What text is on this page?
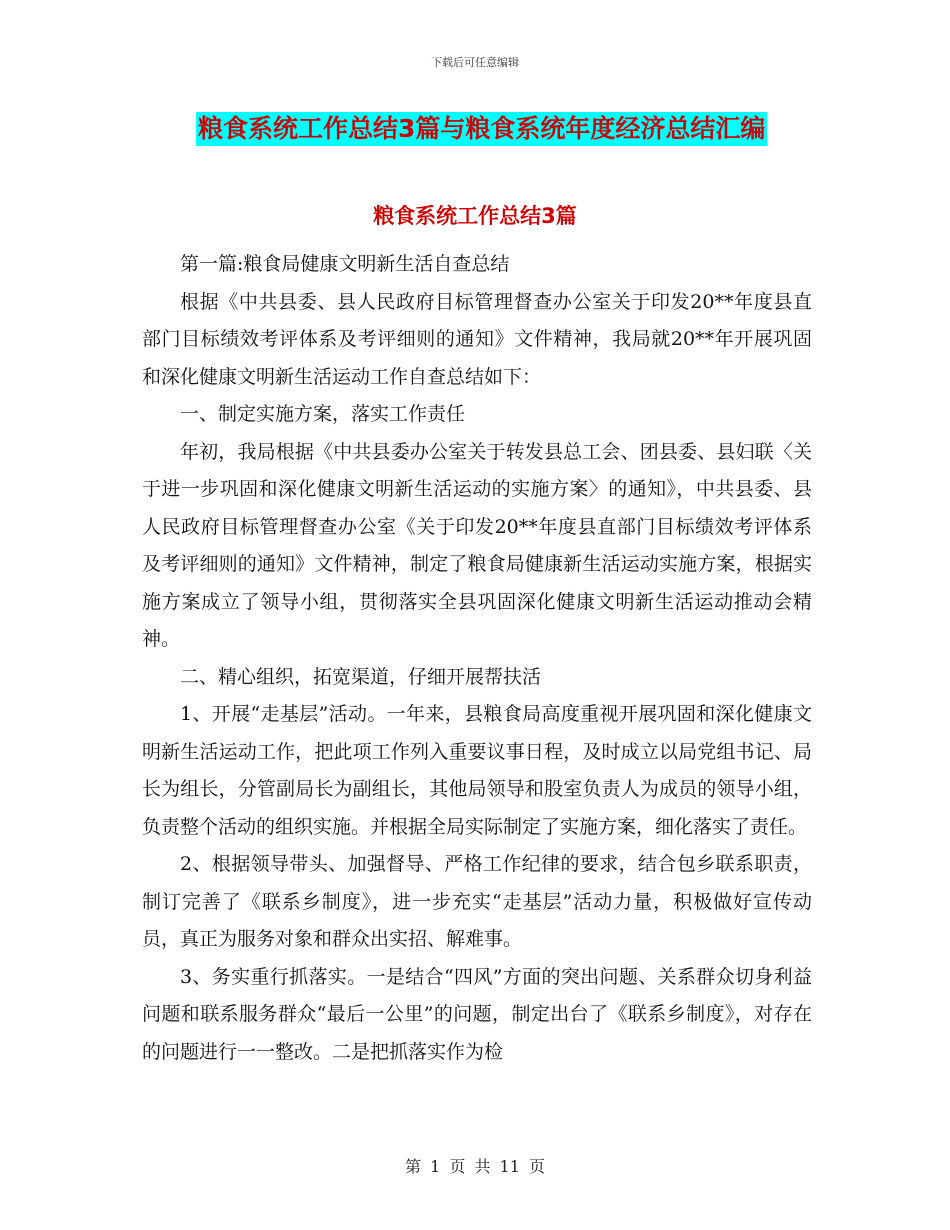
下载后可任意编辑
粮食系统工作总结3篇与粮食系统年度经济总结汇编
粮食系统工作总结3篇

第一篇:粮食局健康文明新生活自查总结

根据《中共县委、县人民政府目标管理督查办公室关于印发20**年度县直部门目标绩效考评体系及考评细则的通知》文件精神，我局就20**年开展巩固和深化健康文明新生活运动工作自查总结如下：

一、制定实施方案，落实工作责任

年初，我局根据《中共县委办公室关于转发县总工会、团县委、县妇联〈关于进一步巩固和深化健康文明新生活运动的实施方案〉的通知》，中共县委、县人民政府目标管理督查办公室《关于印发20**年度县直部门目标绩效考评体系及考评细则的通知》文件精神，制定了粮食局健康新生活运动实施方案，根据实施方案成立了领导小组，贯彻落实全县巩固深化健康文明新生活运动推动会精神。

二、精心组织，拓宽渠道，仔细开展帮扶活

1、开展“走基层”活动。一年来，县粮食局高度重视开展巩固和深化健康文明新生活运动工作，把此项工作列入重要议事日程，及时成立以局党组书记、局长为组长，分管副局长为副组长，其他局领导和股室负责人为成员的领导小组，负责整个活动的组织实施。并根据全局实际制定了实施方案，细化落实了责任。

2、根据领导带头、加强督导、严格工作纪律的要求，结合包乡联系职责，制订完善了《联系乡制度》，进一步充实“走基层”活动力量，积极做好宣传动员，真正为服务对象和群众出实招、解难事。

3、务实重行抓落实。一是结合“四风”方面的突出问题、关系群众切身利益问题和联系服务群众“最后一公里”的问题，制定出台了《联系乡制度》，对存在的问题进行一一整改。二是把抓落实作为检

第 1 页 共 11 页
